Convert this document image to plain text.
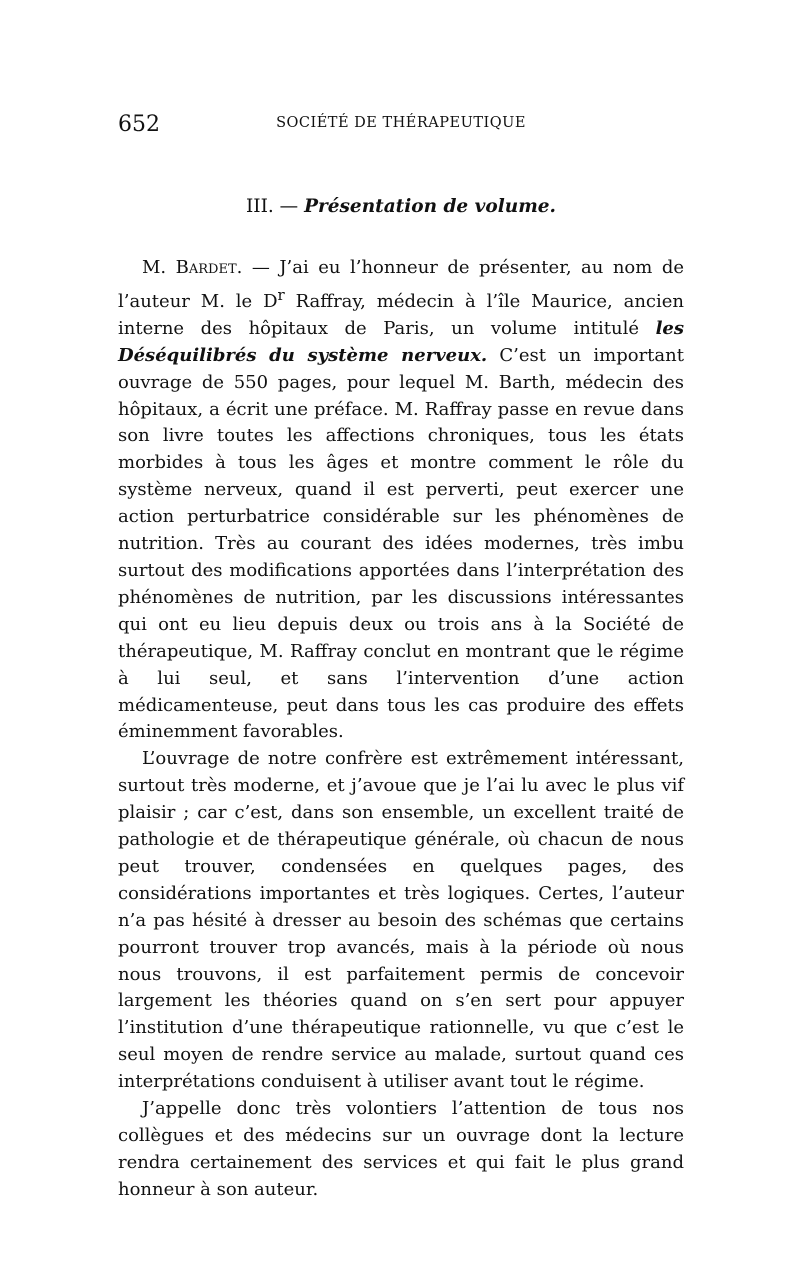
652	SOCIÉTÉ DE THÉRAPEUTIQUE
III. — Présentation de volume.

M. Bardet. — J’ai eu l’honneur de présenter, au nom de l’auteur M. le $D^r$ Raffray, médecin à l’île Maurice, ancien interne des hôpitaux de Paris, un volume intitulé les Déséquilibrés du système nerveux. C’est un important ouvrage de 550 pages, pour lequel M. Barth, médecin des hôpitaux, a écrit une préface. M. Raffray passe en revue dans son livre toutes les affections chroniques, tous les états morbides à tous les âges et montre comment le rôle du système nerveux, quand il est perverti, peut exercer une action perturbatrice considérable sur les phénomènes de nutrition. Très au courant des idées modernes, très imbu surtout des modifications apportées dans l’interprétation des phénomènes de nutrition, par les discussions intéressantes qui ont eu lieu depuis deux ou trois ans à la Société de thérapeutique, M. Raffray conclut en montrant que le régime à lui seul, et sans l’intervention d’une action médicamenteuse, peut dans tous les cas produire des effets éminemment favorables.

L’ouvrage de notre confrère est extrêmement intéressant, surtout très moderne, et j’avoue que je l’ai lu avec le plus vif plaisir ; car c’est, dans son ensemble, un excellent traité de pathologie et de thérapeutique générale, où chacun de nous peut trouver, condensées en quelques pages, des considérations importantes et très logiques. Certes, l’auteur n’a pas hésité à dresser au besoin des schémas que certains pourront trouver trop avancés, mais à la période où nous nous trouvons, il est parfaitement permis de concevoir largement les théories quand on s’en sert pour appuyer l’institution d’une thérapeutique rationnelle, vu que c’est le seul moyen de rendre service au malade, surtout quand ces interprétations conduisent à utiliser avant tout le régime.

J’appelle donc très volontiers l’attention de tous nos collègues et des médecins sur un ouvrage dont la lecture rendra certainement des services et qui fait le plus grand honneur à son auteur.
